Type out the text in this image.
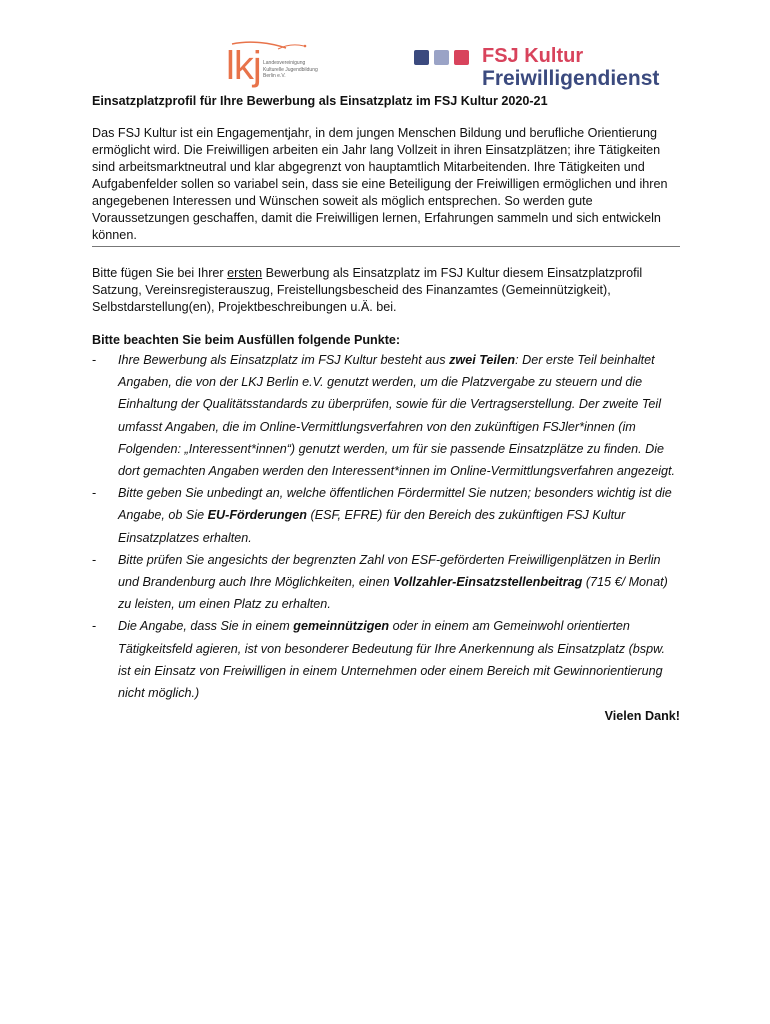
lkj Landesvereinigung
Kulturelle Jugendbildung
Berlin e.V.
FSJ Kultur
Freiwilligendienst

Einsatzplatzprofil für Ihre Bewerbung als Einsatzplatz im FSJ Kultur 2020-21

Das FSJ Kultur ist ein Engagementjahr, in dem jungen Menschen Bildung und berufliche Orientierung ermöglicht wird. Die Freiwilligen arbeiten ein Jahr lang Vollzeit in ihren Einsatzplätzen; ihre Tätigkeiten sind arbeitsmarktneutral und klar abgegrenzt von hauptamtlich Mitarbeitenden. Ihre Tätigkeiten und Aufgabenfelder sollen so variabel sein, dass sie eine Beteiligung der Freiwilligen ermöglichen und ihren angegebenen Interessen und Wünschen soweit als möglich entsprechen. So werden gute Voraussetzungen geschaffen, damit die Freiwilligen lernen, Erfahrungen sammeln und sich entwickeln können.

Bitte fügen Sie bei Ihrer ersten Bewerbung als Einsatzplatz im FSJ Kultur diesem Einsatzplatzprofil Satzung, Vereinsregisterauszug, Freistellungsbescheid des Finanzamtes (Gemeinnützigkeit), Selbstdarstellung(en), Projektbeschreibungen u.Ä. bei.

Bitte beachten Sie beim Ausfüllen folgende Punkte:

- Ihre Bewerbung als Einsatzplatz im FSJ Kultur besteht aus zwei Teilen: Der erste Teil beinhaltet Angaben, die von der LKJ Berlin e.V. genutzt werden, um die Platzvergabe zu steuern und die Einhaltung der Qualitätsstandards zu überprüfen, sowie für die Vertragserstellung. Der zweite Teil umfasst Angaben, die im Online-Vermittlungsverfahren von den zukünftigen FSJler*innen (im Folgenden: „Interessent*innen“) genutzt werden, um für sie passende Einsatzplätze zu finden. Die dort gemachten Angaben werden den Interessent*innen im Online-Vermittlungsverfahren angezeigt.
- Bitte geben Sie unbedingt an, welche öffentlichen Fördermittel Sie nutzen; besonders wichtig ist die Angabe, ob Sie EU-Förderungen (ESF, EFRE) für den Bereich des zukünftigen FSJ Kultur Einsatzplatzes erhalten.
- Bitte prüfen Sie angesichts der begrenzten Zahl von ESF-geförderten Freiwilligenplätzen in Berlin und Brandenburg auch Ihre Möglichkeiten, einen Vollzahler-Einsatzstellenbeitrag (715 €/ Monat) zu leisten, um einen Platz zu erhalten.
- Die Angabe, dass Sie in einem gemeinnützigen oder in einem am Gemeinwohl orientierten Tätigkeitsfeld agieren, ist von besonderer Bedeutung für Ihre Anerkennung als Einsatzplatz (bspw. ist ein Einsatz von Freiwilligen in einem Unternehmen oder einem Bereich mit Gewinnorientierung nicht möglich.)
Vielen Dank!
